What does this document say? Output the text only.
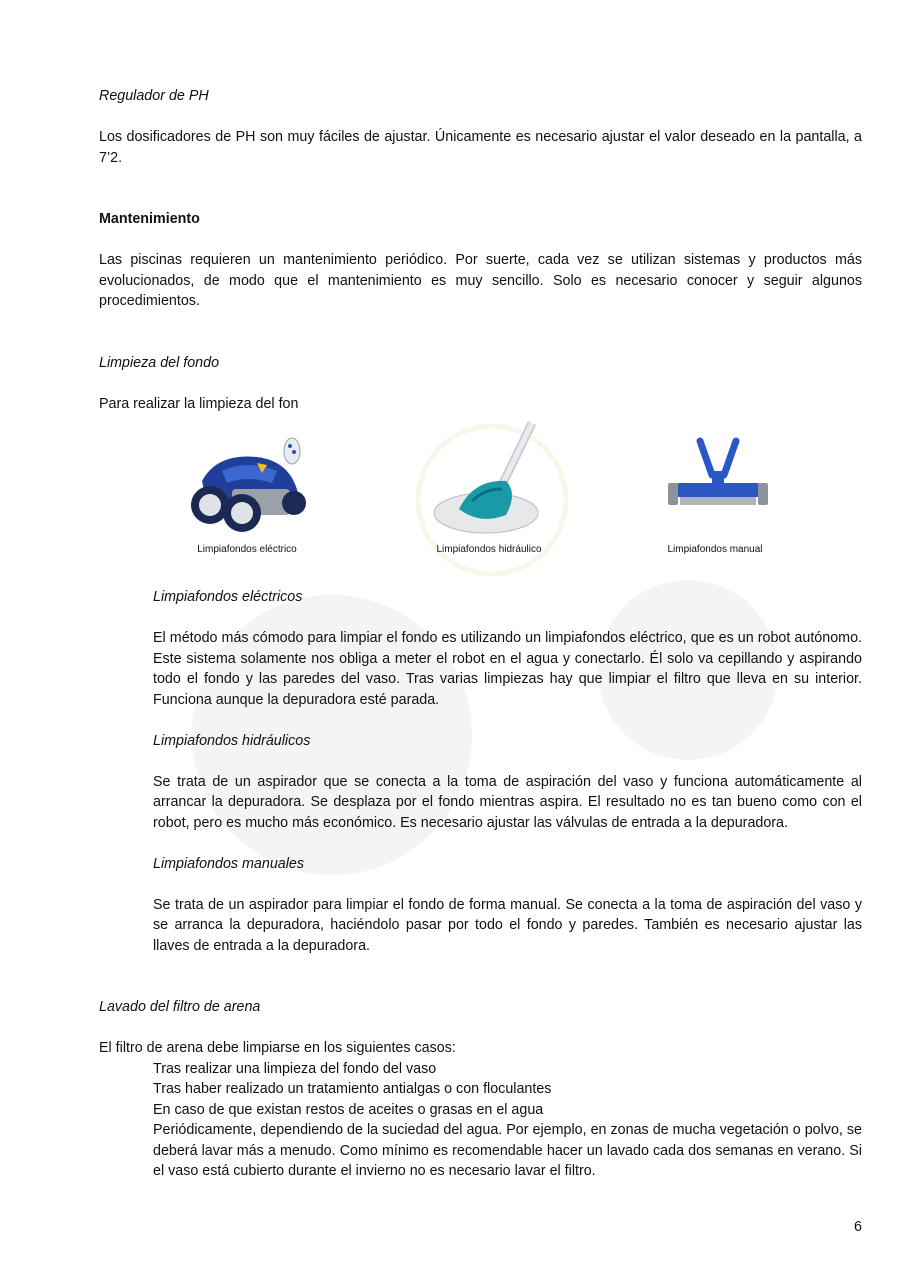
Regulador de PH

Los dosificadores de PH son muy fáciles de ajustar. Únicamente es necesario ajustar el valor deseado en la pantalla, a 7’2.

Mantenimiento

Las piscinas requieren un mantenimiento periódico. Por suerte, cada vez se utilizan sistemas y productos más evolucionados, de modo que el mantenimiento es muy sencillo. Solo es necesario conocer y seguir algunos procedimientos.

Limpieza del fondo

Para realizar la limpieza del fon

Limpiafondos eléctrico	Limpiafondos hidráulico	Limpiafondos manual

Limpiafondos eléctricos

El método más cómodo para limpiar el fondo es utilizando un limpiafondos eléctrico, que es un robot autónomo. Este sistema solamente nos obliga a meter el robot en el agua y conectarlo. Él solo va cepillando y aspirando todo el fondo y las paredes del vaso. Tras varias limpiezas hay que limpiar el filtro que lleva en su interior. Funciona aunque la depuradora esté parada.

Limpiafondos hidráulicos

Se trata de un aspirador que se conecta a la toma de aspiración del vaso y funciona automáticamente al arrancar la depuradora. Se desplaza por el fondo mientras aspira. El resultado no es tan bueno como con el robot, pero es mucho más económico. Es necesario ajustar las válvulas de entrada a la depuradora.

Limpiafondos manuales

Se trata de un aspirador para limpiar el fondo de forma manual. Se conecta a la toma de aspiración del vaso y se arranca la depuradora, haciéndolo pasar por todo el fondo y paredes. También es necesario ajustar las llaves de entrada a la depuradora.

Lavado del filtro de arena

El filtro de arena debe limpiarse en los siguientes casos:

Tras realizar una limpieza del fondo del vaso

Tras haber realizado un tratamiento antialgas o con floculantes

En caso de que existan restos de aceites o grasas en el agua

Periódicamente, dependiendo de la suciedad del agua. Por ejemplo, en zonas de mucha vegetación o polvo, se deberá lavar más a menudo. Como mínimo es recomendable hacer un lavado cada dos semanas en verano. Si el vaso está cubierto durante el invierno no es necesario lavar el filtro.

6
